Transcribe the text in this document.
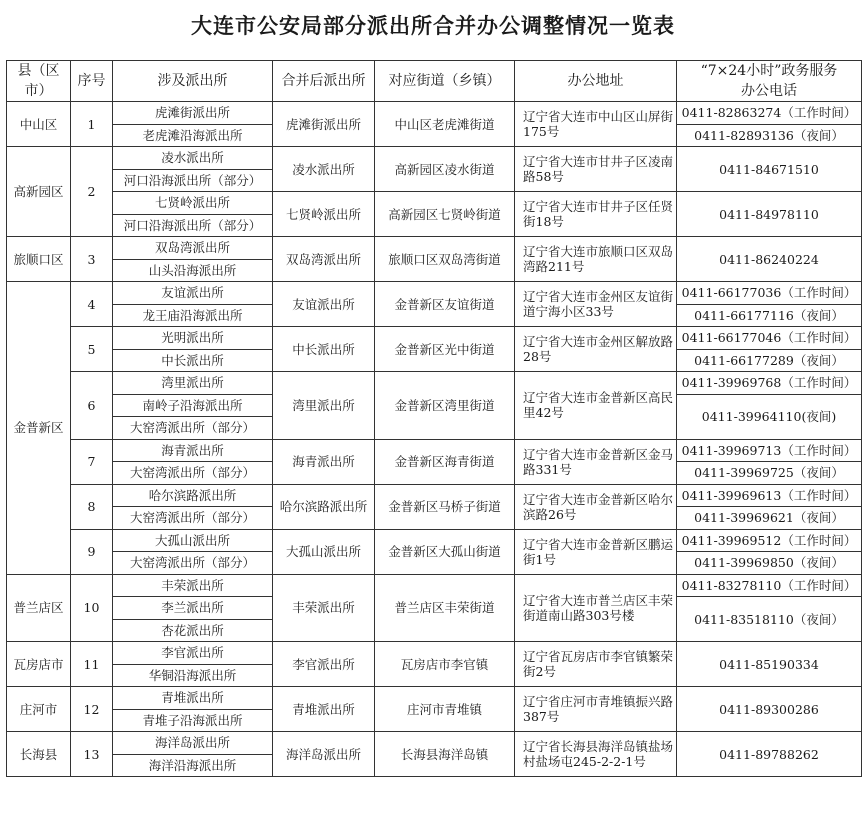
大连市公安局部分派出所合并办公调整情况一览表
县（区市）	序号	涉及派出所	合并后派出所	对应街道（乡镇）	办公地址	“7×24小时”政务服务
办公电话

中山区	1	虎滩街派出所	虎滩街派出所	中山区老虎滩街道	辽宁省大连市中山区山屏街175号	0411-82863274（工作时间）
		老虎滩沿海派出所				0411-82893136（夜间）
高新园区	2	凌水派出所	凌水派出所	高新园区凌水街道	辽宁省大连市甘井子区凌南路58号	0411-84671510
		河口沿海派出所（部分）				
		七贤岭派出所	七贤岭派出所	高新园区七贤岭街道	辽宁省大连市甘井子区任贤街18号	0411-84978110
		河口沿海派出所（部分）				
旅顺口区	3	双岛湾派出所	双岛湾派出所	旅顺口区双岛湾街道	辽宁省大连市旅顺口区双岛湾路211号	0411-86240224
		山头沿海派出所				
金普新区	4	友谊派出所	友谊派出所	金普新区友谊街道	辽宁省大连市金州区友谊街道宁海小区33号	0411-66177036（工作时间）
		龙王庙沿海派出所				0411-66177116（夜间）
	5	光明派出所	中长派出所	金普新区光中街道	辽宁省大连市金州区解放路28号	0411-66177046（工作时间）
		中长派出所				0411-66177289（夜间）
	6	湾里派出所	湾里派出所	金普新区湾里街道	辽宁省大连市金普新区高民里42号	0411-39969768（工作时间）
		南岭子沿海派出所				0411-39964110(夜间)
		大窑湾派出所（部分）				
	7	海青派出所	海青派出所	金普新区海青街道	辽宁省大连市金普新区金马路331号	0411-39969713（工作时间）
		大窑湾派出所（部分）				0411-39969725（夜间）
	8	哈尔滨路派出所	哈尔滨路派出所	金普新区马桥子街道	辽宁省大连市金普新区哈尔滨路26号	0411-39969613（工作时间）
		大窑湾派出所（部分）				0411-39969621（夜间）
	9	大孤山派出所	大孤山派出所	金普新区大孤山街道	辽宁省大连市金普新区鹏运街1号	0411-39969512（工作时间）
		大窑湾派出所（部分）				0411-39969850（夜间）
普兰店区	10	丰荣派出所	丰荣派出所	普兰店区丰荣街道	辽宁省大连市普兰店区丰荣街道南山路303号楼	0411-83278110（工作时间）
		李兰派出所				0411-83518110（夜间）
		杏花派出所				
瓦房店市	11	李官派出所	李官派出所	瓦房店市李官镇	辽宁省瓦房店市李官镇繁荣街2号	0411-85190334
		华铜沿海派出所				
庄河市	12	青堆派出所	青堆派出所	庄河市青堆镇	辽宁省庄河市青堆镇振兴路387号	0411-89300286
		青堆子沿海派出所				
长海县	13	海洋岛派出所	海洋岛派出所	长海县海洋岛镇	辽宁省长海县海洋岛镇盐场村盐场屯245-2-2-1号	0411-89788262
		海洋沿海派出所				
